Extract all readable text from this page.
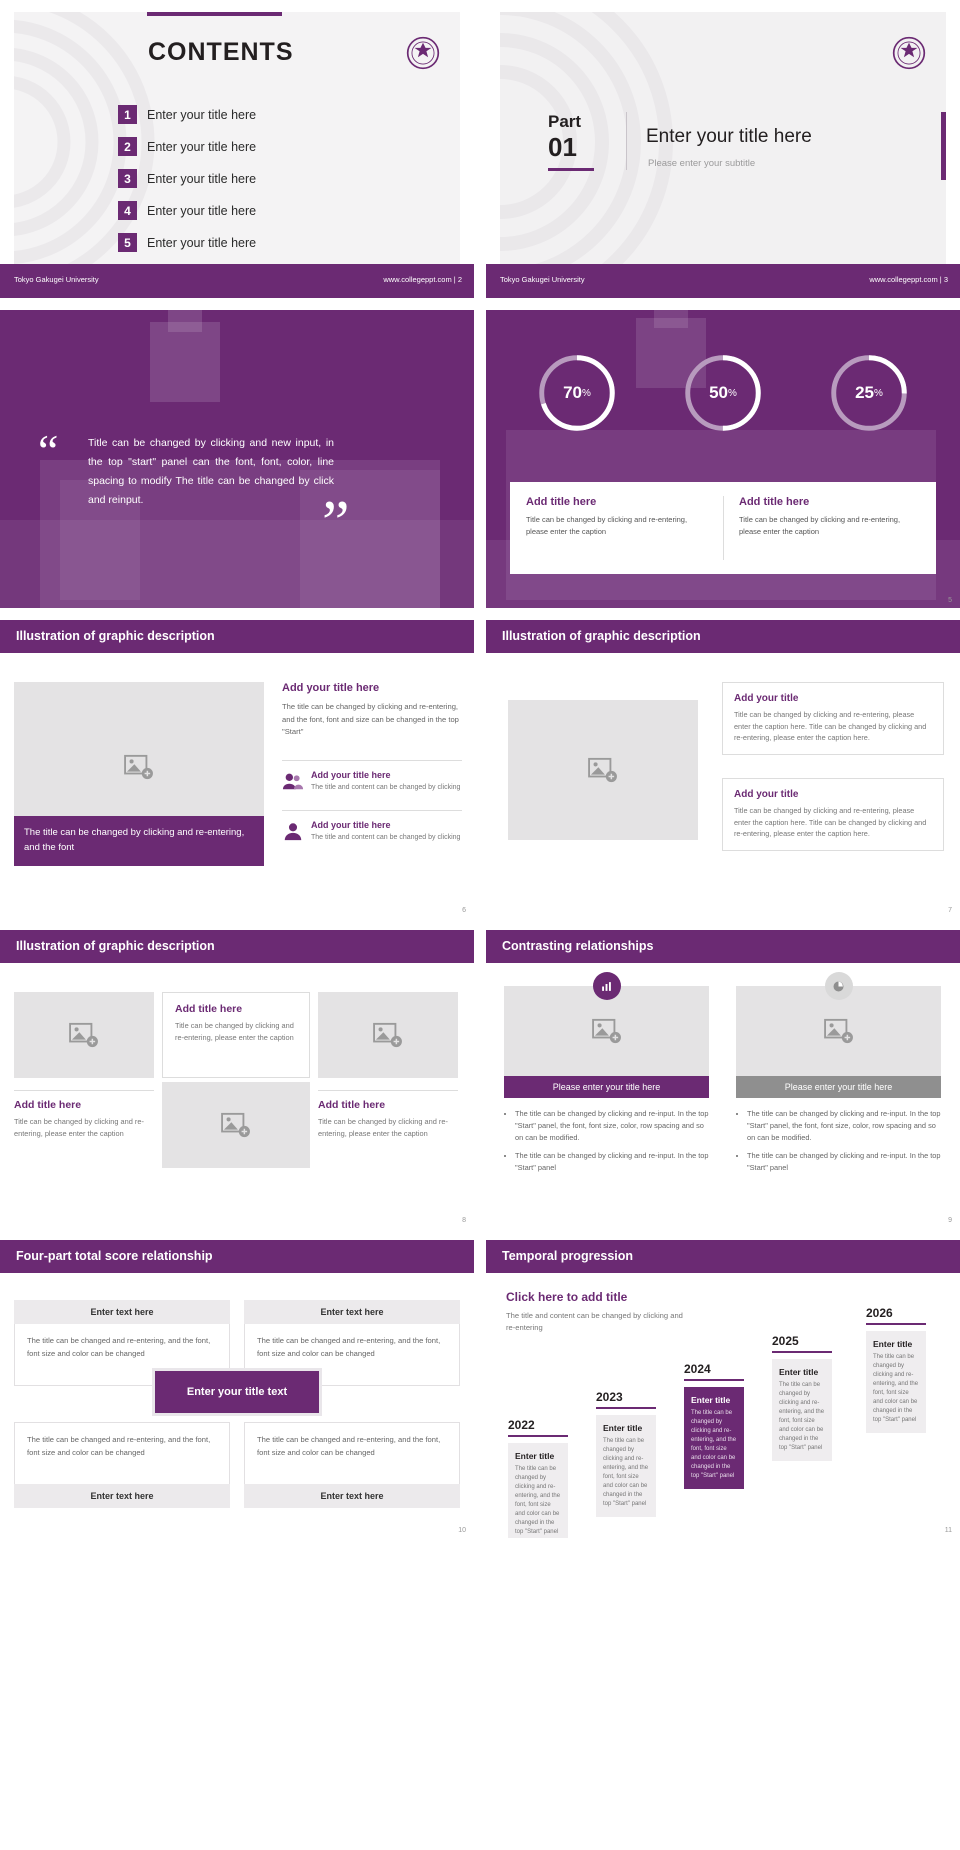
CONTENTS
1	Enter your title here
2	Enter your title here
3	Enter your title here
4	Enter your title here
5	Enter your title here
Tokyo Gakugei University	www.collegeppt.com | 2
Part
01	Enter your title here
Please enter your subtitle
Tokyo Gakugei University	www.collegeppt.com | 3
“	Title can be changed by clicking and new input, in the top "start" panel can the font, font, color, line spacing to modify The title can be changed by click and reinput.	”
70 %	50 %	25 %
Add title here

Title can be changed by clicking and re-entering, please enter the caption

Add title here

Title can be changed by clicking and re-entering, please enter the caption

5
Illustration of graphic description
The title can be changed by clicking and re-entering, and the font
Add your title here

The title can be changed by clicking and re-entering, and the font, font and size can be changed in the top "Start"

Add your title here

The title and content can be changed by clicking

Add your title here

The title and content can be changed by clicking

6
Illustration of graphic description
Add your title

Title can be changed by clicking and re-entering, please enter the caption here. Title can be changed by clicking and re-entering, please enter the caption here.

Add your title

Title can be changed by clicking and re-entering, please enter the caption here. Title can be changed by clicking and re-entering, please enter the caption here.

7
Illustration of graphic description
Add title here

Title can be changed by clicking and re-entering, please enter the caption

Add title here

Title can be changed by clicking and re-entering, please enter the caption

Add title here

Title can be changed by clicking and re-entering, please enter the caption

8
Contrasting relationships
Please enter your title here
• The title can be changed by clicking and re-input. In the top "Start" panel, the font, font size, color, row spacing and so on can be modified.
• The title can be changed by clicking and re-input. In the top "Start" panel
Please enter your title here
• The title can be changed by clicking and re-input. In the top "Start" panel, the font, font size, color, row spacing and so on can be modified.
• The title can be changed by clicking and re-input. In the top "Start" panel
9
Four-part total score relationship
Enter text here

The title can be changed and re-entering, and the font, font size and color can be changed

Enter text here

The title can be changed and re-entering, and the font, font size and color can be changed

The title can be changed and re-entering, and the font, font size and color can be changed

Enter text here

The title can be changed and re-entering, and the font, font size and color can be changed

Enter text here
Enter your title text
10
Temporal progression
Click here to add title
The title and content can be changed by clicking and re-entering
2022
Enter title

The title can be changed by clicking and re-entering, and the font, font size and color can be changed in the top "Start" panel

2023
Enter title

The title can be changed by clicking and re-entering, and the font, font size and color can be changed in the top "Start" panel

2024
Enter title

The title can be changed by clicking and re-entering, and the font, font size and color can be changed in the top "Start" panel

2025
Enter title

The title can be changed by clicking and re-entering, and the font, font size and color can be changed in the top "Start" panel

2026
Enter title

The title can be changed by clicking and re-entering, and the font, font size and color can be changed in the top "Start" panel

11
